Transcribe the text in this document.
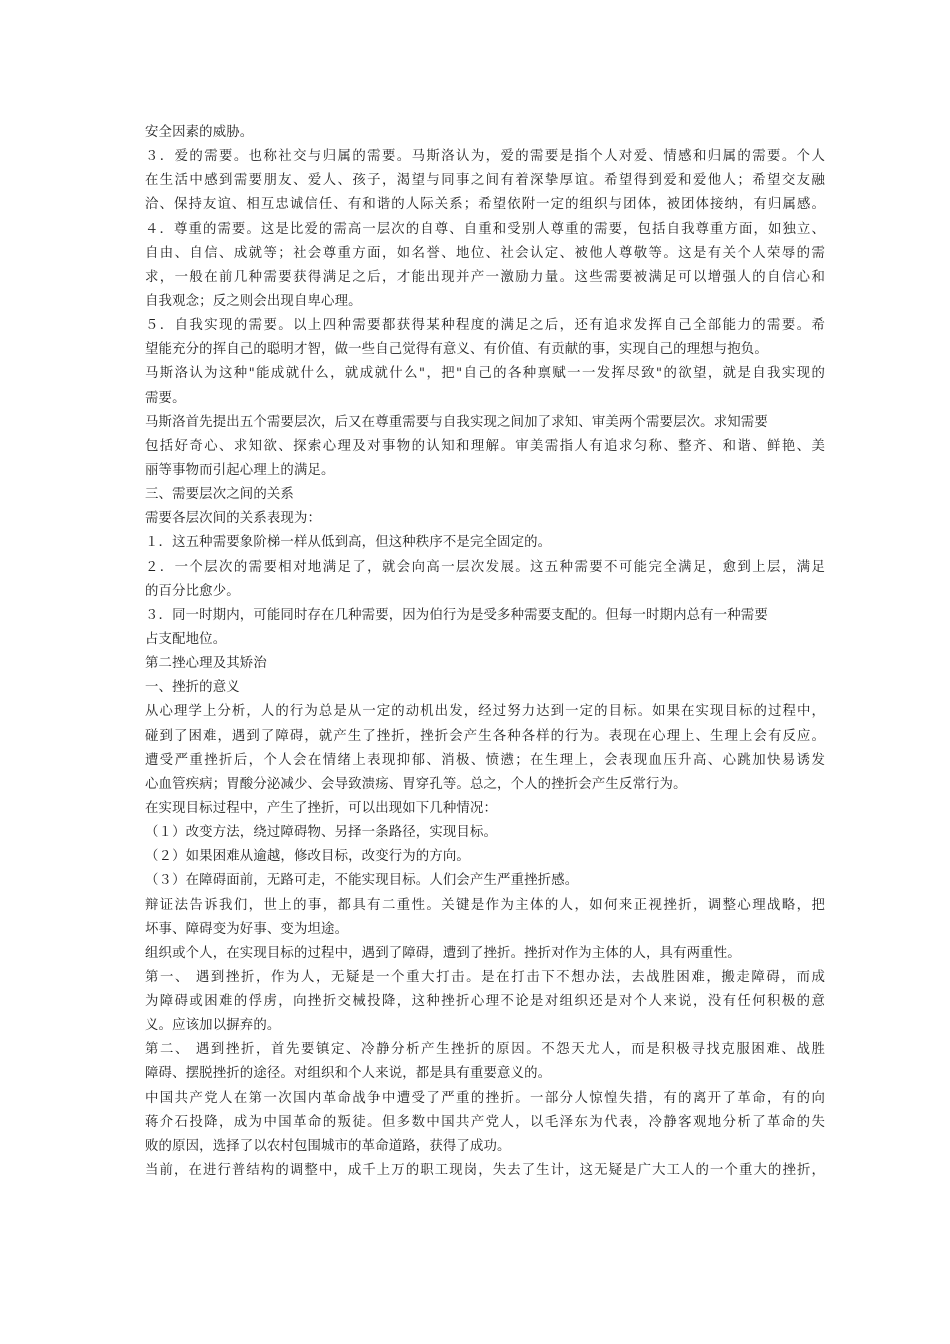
安全因素的威胁。
３．爱的需要。也称社交与归属的需要。马斯洛认为，爱的需要是指个人对爱、情感和归属的需要。个人
在生活中感到需要朋友、爱人、孩子，渴望与同事之间有着深挚厚谊。希望得到爱和爱他人；希望交友融
洽、保持友谊、相互忠诚信任、有和谐的人际关系；希望依附一定的组织与团体，被团体接纳，有归属感。
４．尊重的需要。这是比爱的需高一层次的自尊、自重和受别人尊重的需要，包括自我尊重方面，如独立、
自由、自信、成就等；社会尊重方面，如名誉、地位、社会认定、被他人尊敬等。这是有关个人荣辱的需
求，一般在前几种需要获得满足之后，才能出现并产一激励力量。这些需要被满足可以增强人的自信心和
自我观念；反之则会出现自卑心理。
５．自我实现的需要。以上四种需要都获得某种程度的满足之后，还有追求发挥自己全部能力的需要。希
望能充分的挥自己的聪明才智，做一些自己觉得有意义、有价值、有贡献的事，实现自己的理想与抱负。
马斯洛认为这种"能成就什么，就成就什么"，把"自己的各种禀赋一一发挥尽致"的欲望，就是自我实现的
需要。
马斯洛首先提出五个需要层次，后又在尊重需要与自我实现之间加了求知、审美两个需要层次。求知需要
包括好奇心、求知欲、探索心理及对事物的认知和理解。审美需指人有追求匀称、整齐、和谐、鲜艳、美
丽等事物而引起心理上的满足。
三、需要层次之间的关系
需要各层次间的关系表现为：
１．这五种需要象阶梯一样从低到高，但这种秩序不是完全固定的。
２．一个层次的需要相对地满足了，就会向高一层次发展。这五种需要不可能完全满足，愈到上层，满足
的百分比愈少。
３．同一时期内，可能同时存在几种需要，因为伯行为是受多种需要支配的。但每一时期内总有一种需要
占支配地位。
第二挫心理及其矫治
一、挫折的意义
从心理学上分析，人的行为总是从一定的动机出发，经过努力达到一定的目标。如果在实现目标的过程中，
碰到了困难，遇到了障碍，就产生了挫折，挫折会产生各种各样的行为。表现在心理上、生理上会有反应。
遭受严重挫折后，个人会在情绪上表现抑郁、消极、愤懑；在生理上，会表现血压升高、心跳加快易诱发
心血管疾病；胃酸分泌减少、会导致溃疡、胃穿孔等。总之，个人的挫折会产生反常行为。
在实现目标过程中，产生了挫折，可以出现如下几种情况：
（１）改变方法，绕过障碍物、另择一条路径，实现目标。
（２）如果困难从逾越，修改目标，改变行为的方向。
（３）在障碍面前，无路可走，不能实现目标。人们会产生严重挫折感。
辩证法告诉我们，世上的事，都具有二重性。关键是作为主体的人，如何来正视挫折，调整心理战略，把
坏事、障碍变为好事、变为坦途。
组织或个人，在实现目标的过程中，遇到了障碍，遭到了挫折。挫折对作为主体的人，具有两重性。
第一、 遇到挫折，作为人，无疑是一个重大打击。是在打击下不想办法，去战胜困难，搬走障碍，而成
为障碍或困难的俘虏，向挫折交械投降，这种挫折心理不论是对组织还是对个人来说，没有任何积极的意
义。应该加以摒弃的。
第二、 遇到挫折，首先要镇定、冷静分析产生挫折的原因。不怨天尤人，而是积极寻找克服困难、战胜
障碍、摆脱挫折的途径。对组织和个人来说，都是具有重要意义的。
中国共产党人在第一次国内革命战争中遭受了严重的挫折。一部分人惊惶失措，有的离开了革命，有的向
蒋介石投降，成为中国革命的叛徒。但多数中国共产党人，以毛泽东为代表，冷静客观地分析了革命的失
败的原因，选择了以农村包围城市的革命道路，获得了成功。
当前，在进行普结构的调整中，成千上万的职工现岗，失去了生计，这无疑是广大工人的一个重大的挫折，
